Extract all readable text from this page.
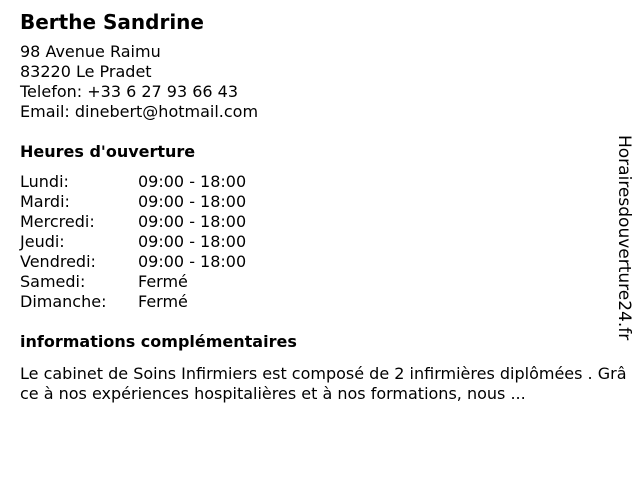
Berthe Sandrine
98 Avenue Raimu
83220 Le Pradet
Telefon: +33 6 27 93 66 43
Email: dinebert@hotmail.com
Heures d'ouverture
Lundi:	09:00 - 18:00
Mardi:	09:00 - 18:00
Mercredi:	09:00 - 18:00
Jeudi:	09:00 - 18:00
Vendredi:	09:00 - 18:00
Samedi:	Fermé
Dimanche:	Fermé
informations complémentaires
Le cabinet de Soins Infirmiers est composé de 2 infirmières diplômées . Grâce à nos expériences hospitalières et à nos formations, nous ...
Horairesdouverture24.fr
